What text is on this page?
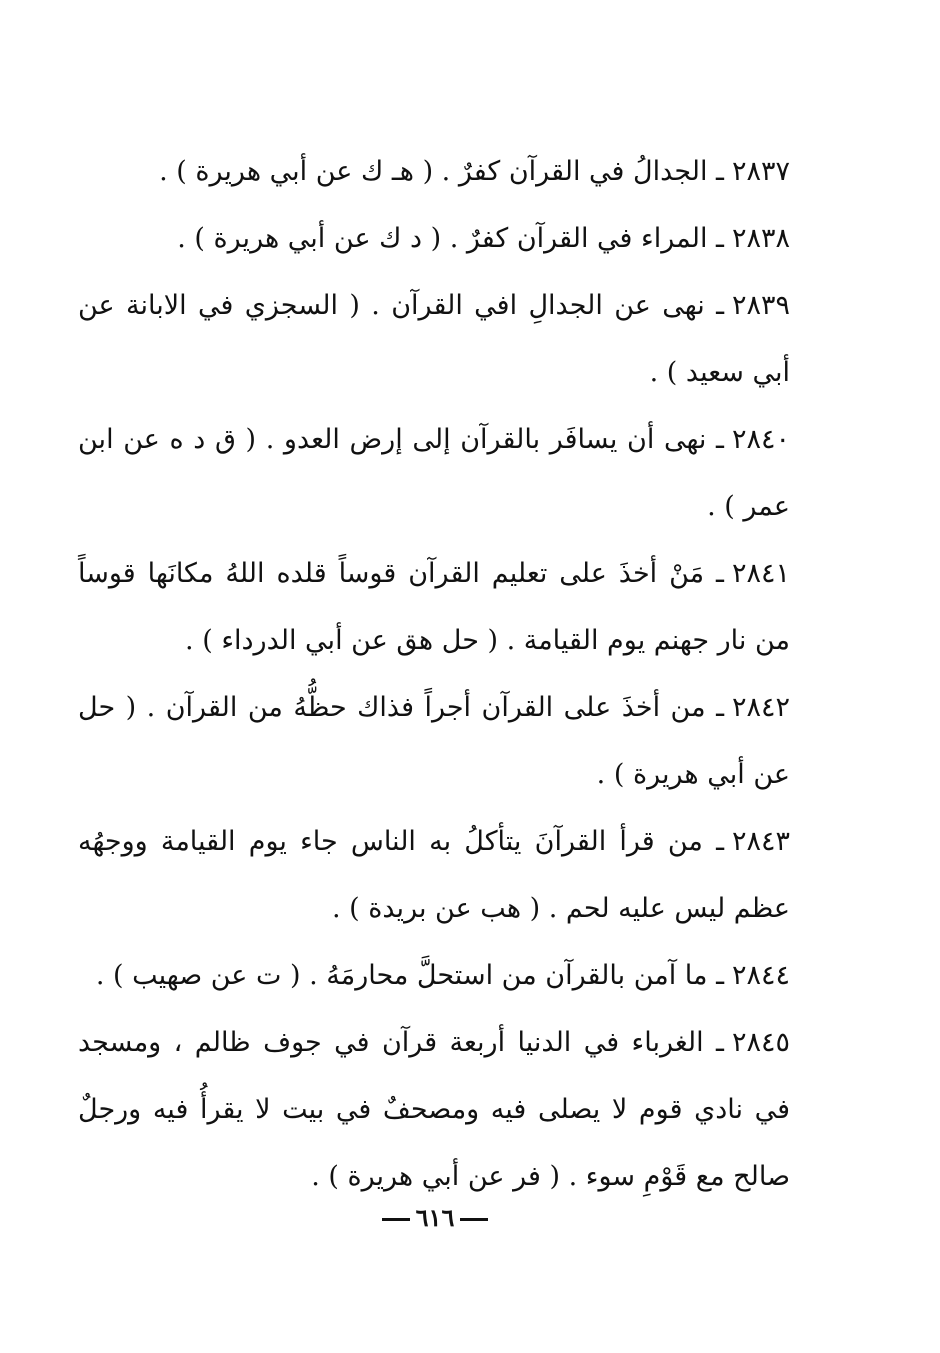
٢٨٣٧ـ الجدالُ في القرآن كفرٌ . ( هـ ك عن أبي هريرة ) .

٢٨٣٨ـ المراء في القرآن كفرٌ . ( د ك عن أبي هريرة ) .

٢٨٣٩ـ نهى عن الجدالِ افي القرآن . ( السجزي في الابانة عن أبي سعيد ) .

٢٨٤٠ـ نهى أن يسافَر بالقرآن إلى إرض العدو . ( ق د ه عن ابن عمر ) .

٢٨٤١ـ مَنْ أخذَ على تعليم القرآن قوساً قلده اللهُ مكانَها قوساً من نار جهنم يوم القيامة . ( حل هق عن أبي الدرداء ) .

٢٨٤٢ـ من أخذَ على القرآن أجراً فذاك حظُّهُ من القرآن . ( حل عن أبي هريرة ) .

٢٨٤٣ـ من قرأ القرآنَ يتأكلُ به الناس جاء يوم القيامة ووجهُه عظم ليس عليه لحم . ( هب عن بريدة ) .

٢٨٤٤ـ ما آمن بالقرآن من استحلَّ محارمَهُ . ( ت عن صهيب ) .

٢٨٤٥ـ الغرباء في الدنيا أربعة قرآن في جوف ظالم ، ومسجد في نادي قوم لا يصلى فيه ومصحفٌ في بيت لا يقرأُ فيه ورجلٌ صالح مع قَوْمِ سوء . ( فر عن أبي هريرة ) .

٦١٦
